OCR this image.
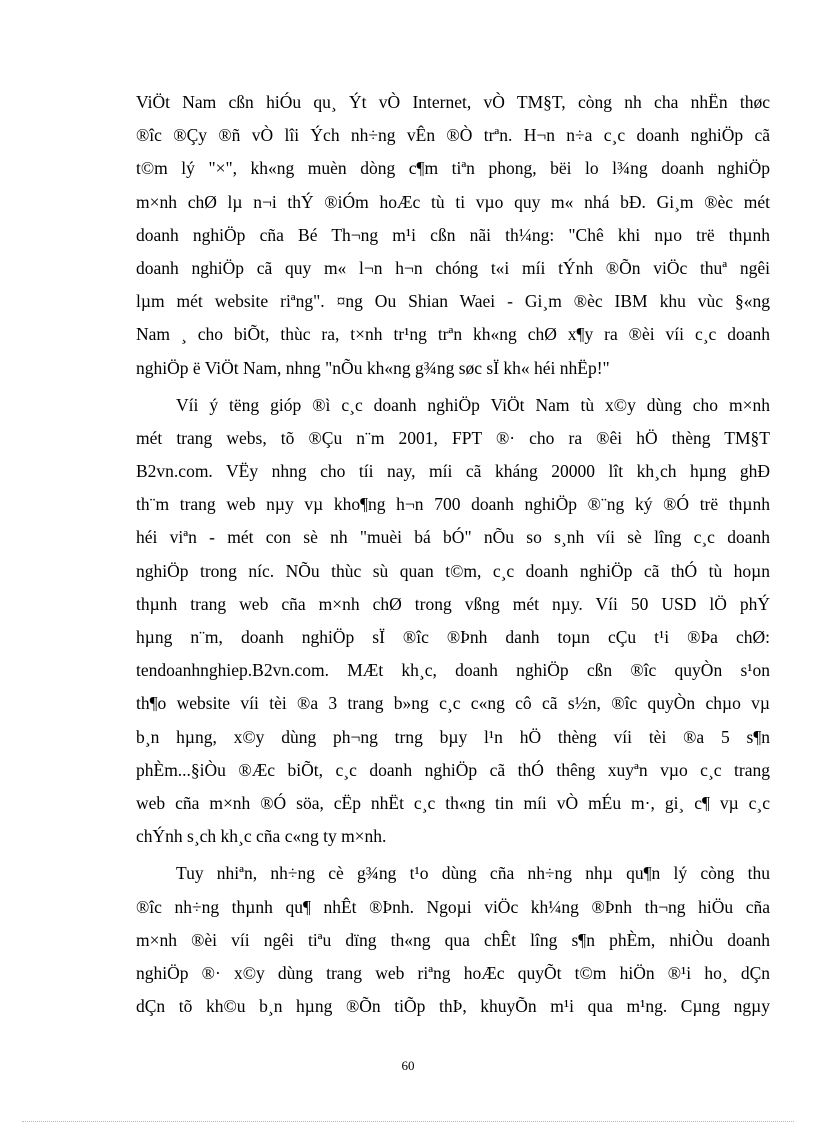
ViÖt Nam cßn hiÓu qu¸ Ýt vÒ Internet, vÒ TM§T, còng nh cha nhËn thøc
®îc ®Çy ®ñ vÒ lîi Ých nh÷ng vÊn ®Ò trªn. H¬n n÷a c¸c doanh nghiÖp cã
t©m lý "×", kh«ng muèn dòng c¶m tiªn phong, bëi lo l¾ng doanh nghiÖp
m×nh chØ lµ n¬i thÝ ®iÓm hoÆc tù ti vµo quy m« nhá bÐ. Gi¸m ®èc mét
doanh nghiÖp cña Bé Th¬ng m¹i cßn nãi th¼ng: "Chê khi nµo trë thµnh
doanh nghiÖp cã quy m« l¬n h¬n chóng t«i míi tÝnh ®Õn viÖc thuª ngêi
lµm mét website riªng". ¤ng Ou Shian Waei - Gi¸m ®èc IBM khu vùc §«ng
Nam ¸ cho biÕt, thùc ra, t×nh tr¹ng trªn kh«ng chØ x¶y ra ®èi víi c¸c doanh
nghiÖp ë ViÖt Nam, nhng "nÕu kh«ng g¾ng søc sÏ kh« héi nhËp!"
Víi ý tëng gióp ®ì c¸c doanh nghiÖp ViÖt Nam tù x©y dùng cho m×nh
mét trang webs, tõ ®Çu n¨m 2001, FPT ®· cho ra ®êi hÖ thèng TM§T
B2vn.com. VËy nhng cho tíi nay, míi cã kháng 20000 lît kh¸ch hµng ghÐ
th¨m trang web nµy vµ kho¶ng h¬n 700 doanh nghiÖp ®¨ng ký ®Ó trë thµnh
héi viªn - mét con sè nh "muèi bá bÓ" nÕu so s¸nh víi sè lîng c¸c doanh
nghiÖp trong níc. NÕu thùc sù quan t©m, c¸c doanh nghiÖp cã thÓ tù hoµn
thµnh trang web cña m×nh chØ trong vßng mét nµy. Víi 50 USD lÖ phÝ
hµng n¨m, doanh nghiÖp sÏ ®îc ®Þnh danh toµn cÇu t¹i ®Þa chØ:
tendoanhnghiep.B2vn.com. MÆt kh¸c, doanh nghiÖp cßn ®îc quyÒn s¹on
th¶o website víi tèi ®a 3 trang b»ng c¸c c«ng cô cã s½n, ®îc quyÒn chµo vµ
b¸n hµng, x©y dùng ph¬ng trng bµy l¹n hÖ thèng víi tèi ®a 5 s¶n
phÈm...§iÒu ®Æc biÕt, c¸c doanh nghiÖp cã thÓ thêng xuyªn vµo c¸c trang
web cña m×nh ®Ó söa, cËp nhËt c¸c th«ng tin míi vÒ mÉu m·, gi¸ c¶ vµ c¸c
chÝnh s¸ch kh¸c cña c«ng ty m×nh.
Tuy nhiªn, nh÷ng cè g¾ng t¹o dùng cña nh÷ng nhµ qu¶n lý còng thu
®îc nh÷ng thµnh qu¶ nhÊt ®Þnh. Ngoµi viÖc kh¼ng ®Þnh th¬ng hiÖu cña
m×nh ®èi víi ngêi tiªu dïng th«ng qua chÊt lîng s¶n phÈm, nhiÒu doanh
nghiÖp ®· x©y dùng trang web riªng hoÆc quyÕt t©m hiÖn ®¹i ho¸ dÇn
dÇn tõ kh©u b¸n hµng ®Õn tiÕp thÞ, khuyÕn m¹i qua m¹ng. Cµng ngµy
60
